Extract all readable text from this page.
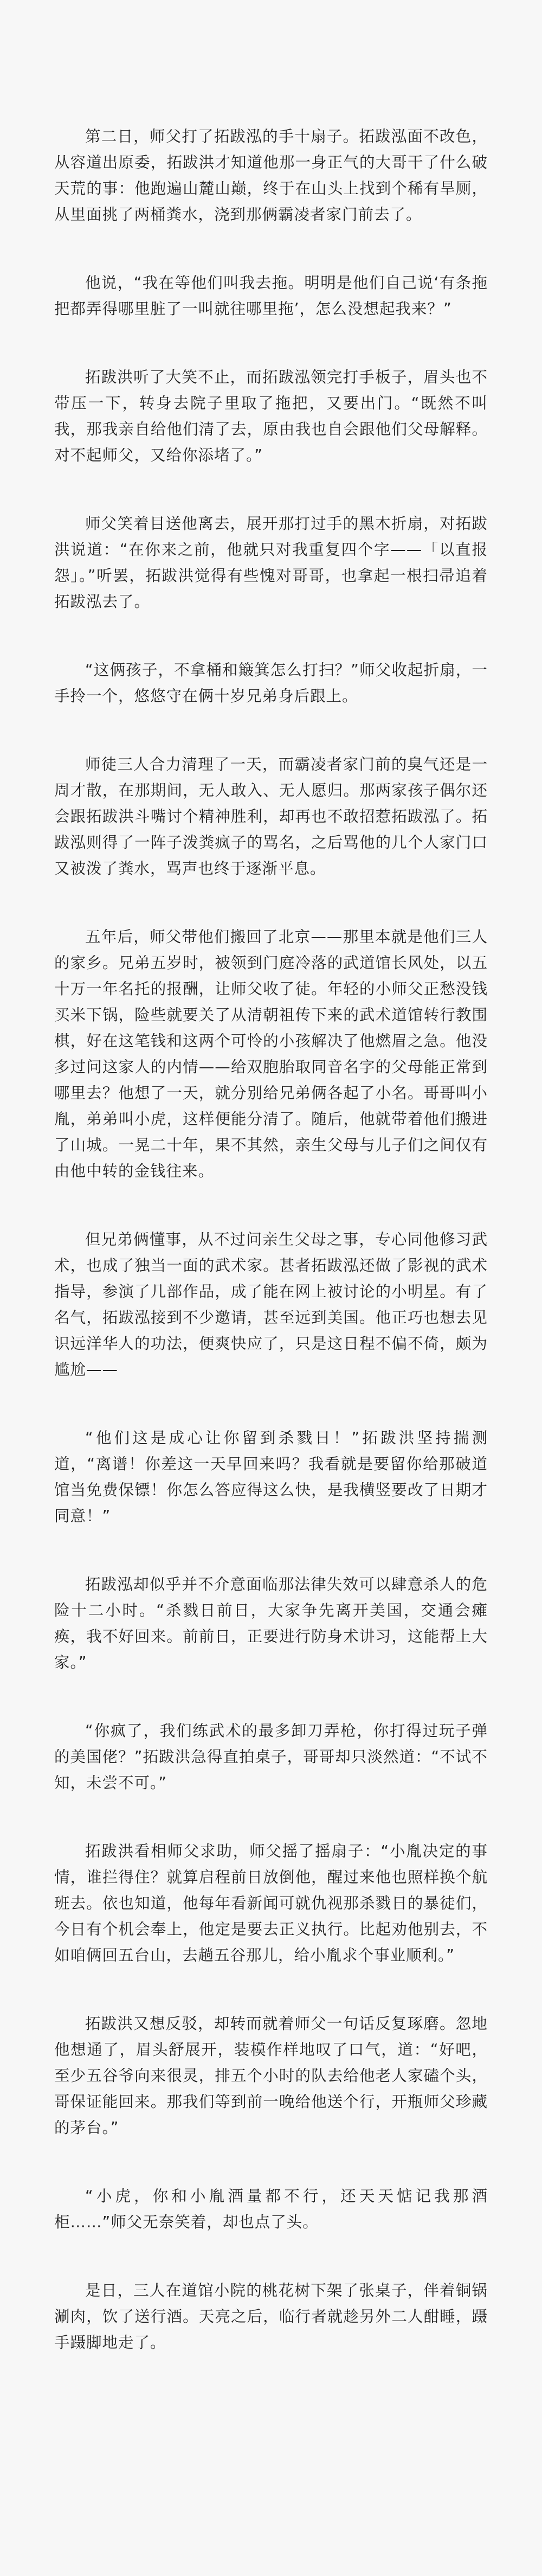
第二日，师父打了拓跋泓的手十扇子。拓跋泓面不改色，从容道出原委，拓跋洪才知道他那一身正气的大哥干了什么破天荒的事：他跑遍山麓山巅，终于在山头上找到个稀有旱厕，从里面挑了两桶粪水，浇到那俩霸凌者家门前去了。

他说，“我在等他们叫我去拖。明明是他们自己说‘有条拖把都弄得哪里脏了一叫就往哪里拖’，怎么没想起我来？”

拓跋洪听了大笑不止，而拓跋泓领完打手板子，眉头也不带压一下，转身去院子里取了拖把，又要出门。“既然不叫我，那我亲自给他们清了去，原由我也自会跟他们父母解释。对不起师父，又给你添堵了。”

师父笑着目送他离去，展开那打过手的黑木折扇，对拓跋洪说道：“在你来之前，他就只对我重复四个字——「以直报怨」。”听罢，拓跋洪觉得有些愧对哥哥，也拿起一根扫帚追着拓跋泓去了。

“这俩孩子，不拿桶和簸箕怎么打扫？”师父收起折扇，一手拎一个，悠悠守在俩十岁兄弟身后跟上。

师徒三人合力清理了一天，而霸凌者家门前的臭气还是一周才散，在那期间，无人敢入、无人愿归。那两家孩子偶尔还会跟拓跋洪斗嘴讨个精神胜利，却再也不敢招惹拓跋泓了。拓跋泓则得了一阵子泼粪疯子的骂名，之后骂他的几个人家门口又被泼了粪水，骂声也终于逐渐平息。

五年后，师父带他们搬回了北京——那里本就是他们三人的家乡。兄弟五岁时，被领到门庭冷落的武道馆长风处，以五十万一年名托的报酬，让师父收了徒。年轻的小师父正愁没钱买米下锅，险些就要关了从清朝祖传下来的武术道馆转行教围棋，好在这笔钱和这两个可怜的小孩解决了他燃眉之急。他没多过问这家人的内情——给双胞胎取同音名字的父母能正常到哪里去？他想了一天，就分别给兄弟俩各起了小名。哥哥叫小胤，弟弟叫小虎，这样便能分清了。随后，他就带着他们搬进了山城。一晃二十年，果不其然，亲生父母与儿子们之间仅有由他中转的金钱往来。

但兄弟俩懂事，从不过问亲生父母之事，专心同他修习武术，也成了独当一面的武术家。甚者拓跋泓还做了影视的武术指导，参演了几部作品，成了能在网上被讨论的小明星。有了名气，拓跋泓接到不少邀请，甚至远到美国。他正巧也想去见识远洋华人的功法，便爽快应了，只是这日程不偏不倚，颇为尴尬——

“他们这是成心让你留到杀戮日！”拓跋洪坚持揣测道，“离谱！你差这一天早回来吗？我看就是要留你给那破道馆当免费保镖！你怎么答应得这么快，是我横竖要改了日期才同意！”

拓跋泓却似乎并不介意面临那法律失效可以肆意杀人的危险十二小时。“杀戮日前日，大家争先离开美国，交通会瘫痪，我不好回来。前前日，正要进行防身术讲习，这能帮上大家。”

“你疯了，我们练武术的最多卸刀弄枪，你打得过玩子弹的美国佬？”拓跋洪急得直拍桌子，哥哥却只淡然道：“不试不知，未尝不可。”

拓跋洪看相师父求助，师父摇了摇扇子：“小胤决定的事情，谁拦得住？就算启程前日放倒他，醒过来他也照样换个航班去。依也知道，他每年看新闻可就仇视那杀戮日的暴徒们，今日有个机会奉上，他定是要去正义执行。比起劝他别去，不如咱俩回五台山，去趟五谷那儿，给小胤求个事业顺利。”

拓跋洪又想反驳，却转而就着师父一句话反复琢磨。忽地他想通了，眉头舒展开，装模作样地叹了口气，道：“好吧，至少五谷爷向来很灵，排五个小时的队去给他老人家磕个头，哥保证能回来。那我们等到前一晚给他送个行，开瓶师父珍藏的茅台。”

“小虎，你和小胤酒量都不行，还天天惦记我那酒柜……”师父无奈笑着，却也点了头。

是日，三人在道馆小院的桃花树下架了张桌子，伴着铜锅涮肉，饮了送行酒。天亮之后，临行者就趁另外二人酣睡，蹑手蹑脚地走了。
